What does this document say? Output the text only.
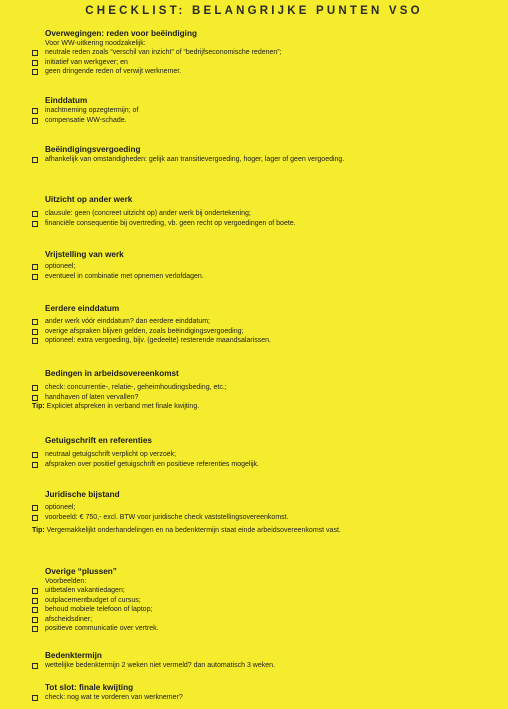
CHECKLIST: BELANGRIJKE PUNTEN VSO
Overwegingen: reden voor beëindiging
Voor WW-uitkering noodzakelijk:
neutrale reden zoals “verschil van inzicht” of “bedrijfseconomische redenen”;
initiatief van werkgever; en
geen dringende reden of verwijt werknemer.
Einddatum
inachtneming opzegtermijn; of
compensatie WW-schade.
Beëindigingsvergoeding
afhankelijk van omstandigheden: gelijk aan transitievergoeding, hoger, lager of geen vergoeding.
Uitzicht op ander werk
clausule: geen (concreet uitzicht op) ander werk bij ondertekening;
financiële consequentie bij overtreding, vb. geen recht op vergoedingen of boete.
Vrijstelling van werk
optioneel;
eventueel in combinatie met opnemen verlofdagen.
Eerdere einddatum
ander werk vóór einddatum? dan eerdere einddatum;
overige afspraken blijven gelden, zoals beëindigingsvergoeding;
optioneel: extra vergoeding, bijv. (gedeelte) resterende maandsalarissen.
Bedingen in arbeidsovereenkomst
check: concurrentie-, relatie-, geheimhoudingsbeding, etc.;
handhaven of laten vervallen?
Tip: Expliciet afspreken in verband met finale kwijting.
Getuigschrift en referenties
neutraal getuigschrift verplicht op verzoek;
afspraken over positief getuigschrift en positieve referenties mogelijk.
Juridische bijstand
optioneel;
voorbeeld: € 750,- excl. BTW voor juridische check vaststellingsovereenkomst.
Tip: Vergemakkelijkt onderhandelingen en na bedenktermijn staat einde arbeidsovereenkomst vast.
Overige “plussen”
Voorbeelden:
uitbetalen vakantiedagen;
outplacementbudget of cursus;
behoud mobiele telefoon of laptop;
afscheidsdiner;
positieve communicatie over vertrek.
Bedenktermijn
wettelijke bedenktermijn 2 weken niet vermeld? dan automatisch 3 weken.
Tot slot: finale kwijting
check: nog wat te vorderen van werknemer?
